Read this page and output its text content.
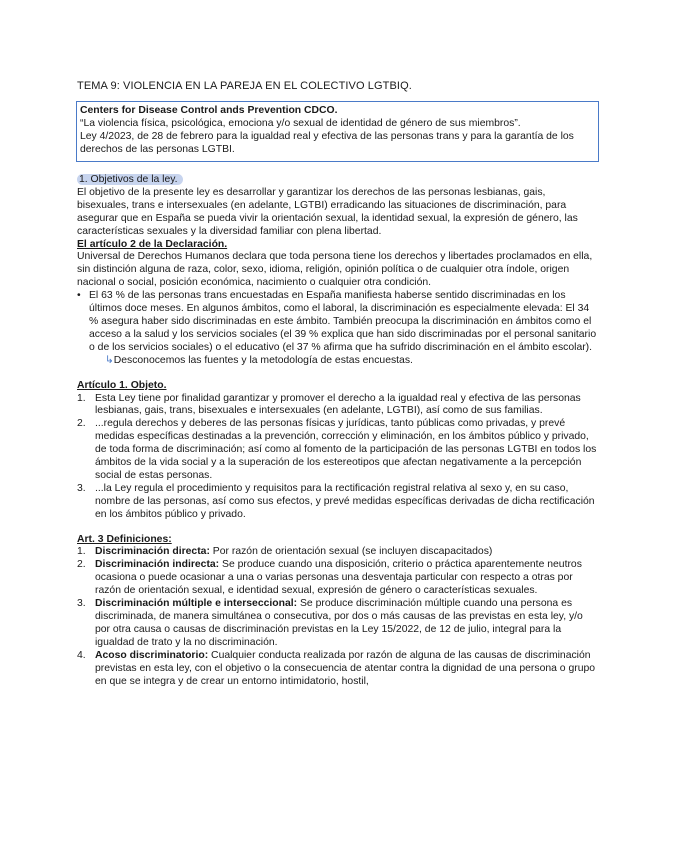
TEMA 9: VIOLENCIA EN LA PAREJA EN EL COLECTIVO LGTBIQ.

Centers for Disease Control ands Prevention CDCO.

“La violencia física, psicológica, emociona y/o sexual de identidad de género de sus miembros”.

Ley 4/2023, de 28 de febrero para la igualdad real y efectiva de las personas trans y para la garantía de los derechos de las personas LGTBI.

1. Objetivos de la ley.

El objetivo de la presente ley es desarrollar y garantizar los derechos de las personas lesbianas, gais, bisexuales, trans e intersexuales (en adelante, LGTBI) erradicando las situaciones de discriminación, para asegurar que en España se pueda vivir la orientación sexual, la identidad sexual, la expresión de género, las características sexuales y la diversidad familiar con plena libertad.

El artículo 2 de la Declaración.

Universal de Derechos Humanos declara que toda persona tiene los derechos y libertades proclamados en ella, sin distinción alguna de raza, color, sexo, idioma, religión, opinión política o de cualquier otra índole, origen nacional o social, posición económica, nacimiento o cualquier otra condición.

• El 63 % de las personas trans encuestadas en España manifiesta haberse sentido discriminadas en los últimos doce meses. En algunos ámbitos, como el laboral, la discriminación es especialmente elevada: El 34 % asegura haber sido discriminadas en este ámbito. También preocupa la discriminación en ámbitos como el acceso a la salud y los servicios sociales (el 39 % explica que han sido discriminadas por el personal sanitario o de los servicios sociales) o el educativo (el 37 % afirma que ha sufrido discriminación en el ámbito escolar).

↳Desconocemos las fuentes y la metodología de estas encuestas.

Artículo 1. Objeto.

1. Esta Ley tiene por finalidad garantizar y promover el derecho a la igualdad real y efectiva de las personas lesbianas, gais, trans, bisexuales e intersexuales (en adelante, LGTBI), así como de sus familias.
2. ...regula derechos y deberes de las personas físicas y jurídicas, tanto públicas como privadas, y prevé medidas específicas destinadas a la prevención, corrección y eliminación, en los ámbitos público y privado, de toda forma de discriminación; así como al fomento de la participación de las personas LGTBI en todos los ámbitos de la vida social y a la superación de los estereotipos que afectan negativamente a la percepción social de estas personas.
3. ...la Ley regula el procedimiento y requisitos para la rectificación registral relativa al sexo y, en su caso, nombre de las personas, así como sus efectos, y prevé medidas específicas derivadas de dicha rectificación en los ámbitos público y privado.

Art. 3 Definiciones:

1. Discriminación directa: Por razón de orientación sexual (se incluyen discapacitados)
2. Discriminación indirecta: Se produce cuando una disposición, criterio o práctica aparentemente neutros ocasiona o puede ocasionar a una o varias personas una desventaja particular con respecto a otras por razón de orientación sexual, e identidad sexual, expresión de género o características sexuales.
3. Discriminación múltiple e interseccional: Se produce discriminación múltiple cuando una persona es discriminada, de manera simultánea o consecutiva, por dos o más causas de las previstas en esta ley, y/o por otra causa o causas de discriminación previstas en la Ley 15/2022, de 12 de julio, integral para la igualdad de trato y la no discriminación.
4. Acoso discriminatorio: Cualquier conducta realizada por razón de alguna de las causas de discriminación previstas en esta ley, con el objetivo o la consecuencia de atentar contra la dignidad de una persona o grupo en que se integra y de crear un entorno intimidatorio, hostil,
